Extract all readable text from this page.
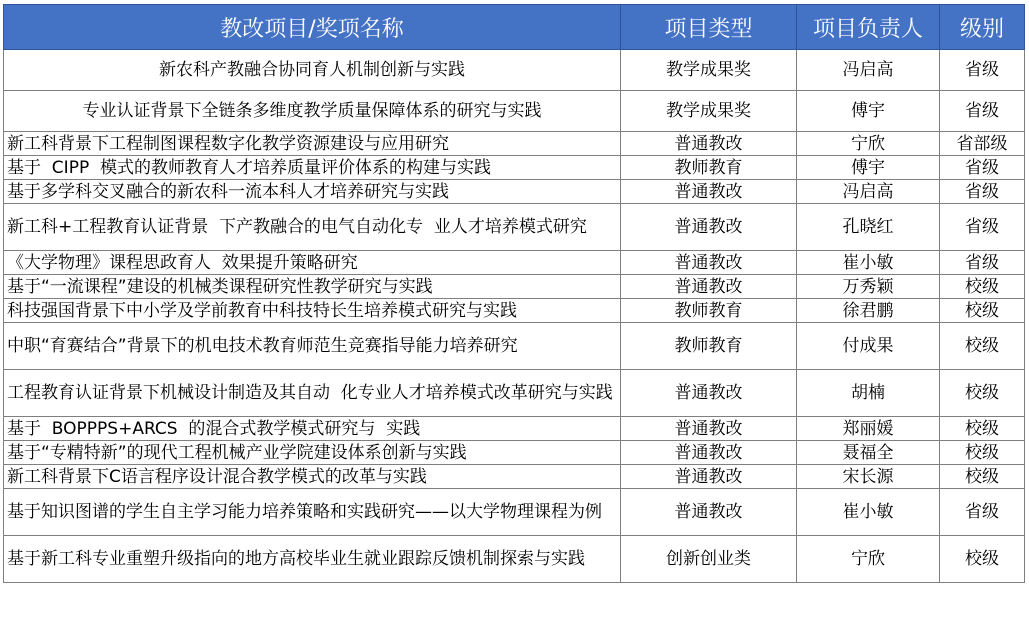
教改项目/奖项名称	项目类型	项目负责人	级别
新农科产教融合协同育人机制创新与实践	教学成果奖	冯启高	省级
专业认证背景下全链条多维度教学质量保障体系的研究与实践	教学成果奖	傅宇	省级
新工科背景下工程制图课程数字化教学资源建设与应用研究	普通教改	宁欣	省部级
基于  CIPP  模式的教师教育人才培养质量评价体系的构建与实践	教师教育	傅宇	省级
基于多学科交叉融合的新农科一流本科人才培养研究与实践	普通教改	冯启高	省级
新工科+工程教育认证背景  下产教融合的电气自动化专  业人才培养模式研究	普通教改	孔晓红	省级
《大学物理》课程思政育人  效果提升策略研究	普通教改	崔小敏	省级
基于“一流课程”建设的机械类课程研究性教学研究与实践	普通教改	万秀颖	校级
科技强国背景下中小学及学前教育中科技特长生培养模式研究与实践	教师教育	徐君鹏	校级
中职“育赛结合”背景下的机电技术教育师范生竞赛指导能力培养研究	教师教育	付成果	校级
工程教育认证背景下机械设计制造及其自动  化专业人才培养模式改革研究与实践	普通教改	胡楠	校级
基于  BOPPPS+ARCS  的混合式教学模式研究与  实践	普通教改	郑丽媛	校级
基于“专精特新”的现代工程机械产业学院建设体系创新与实践	普通教改	聂福全	校级
新工科背景下C语言程序设计混合教学模式的改革与实践	普通教改	宋长源	校级
基于知识图谱的学生自主学习能力培养策略和实践研究——以大学物理课程为例	普通教改	崔小敏	省级
基于新工科专业重塑升级指向的地方高校毕业生就业跟踪反馈机制探索与实践	创新创业类	宁欣	校级
